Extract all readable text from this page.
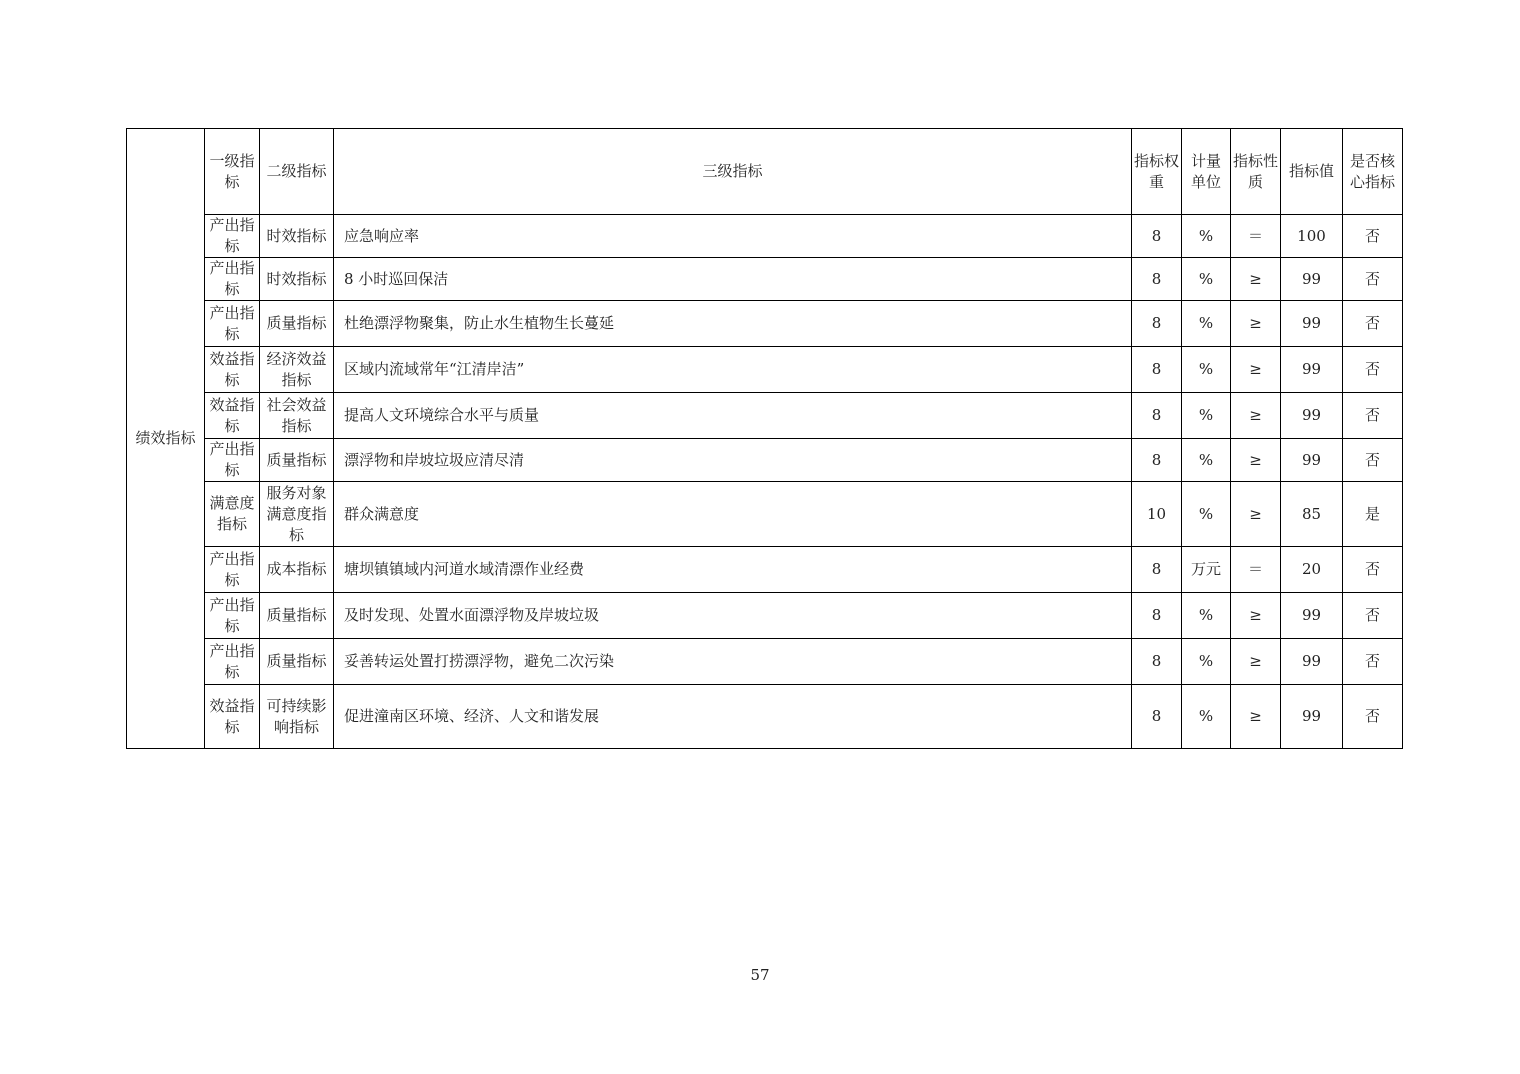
绩效指标	一级指标	二级指标	三级指标	指标权重	计量单位	指标性质	指标值	是否核心指标
	产出指标	时效指标	应急响应率	8	%	＝	100	否
	产出指标	时效指标	8 小时巡回保洁	8	%	≥	99	否
	产出指标	质量指标	杜绝漂浮物聚集，防止水生植物生长蔓延	8	%	≥	99	否
	效益指标	经济效益指标	区域内流域常年“江清岸洁”	8	%	≥	99	否
	效益指标	社会效益指标	提高人文环境综合水平与质量	8	%	≥	99	否
	产出指标	质量指标	漂浮物和岸坡垃圾应清尽清	8	%	≥	99	否
	满意度指标	服务对象满意度指标	群众满意度	10	%	≥	85	是
	产出指标	成本指标	塘坝镇镇域内河道水域清漂作业经费	8	万元	＝	20	否
	产出指标	质量指标	及时发现、处置水面漂浮物及岸坡垃圾	8	%	≥	99	否
	产出指标	质量指标	妥善转运处置打捞漂浮物，避免二次污染	8	%	≥	99	否
	效益指标	可持续影响指标	促进潼南区环境、经济、人文和谐发展	8	%	≥	99	否
57
